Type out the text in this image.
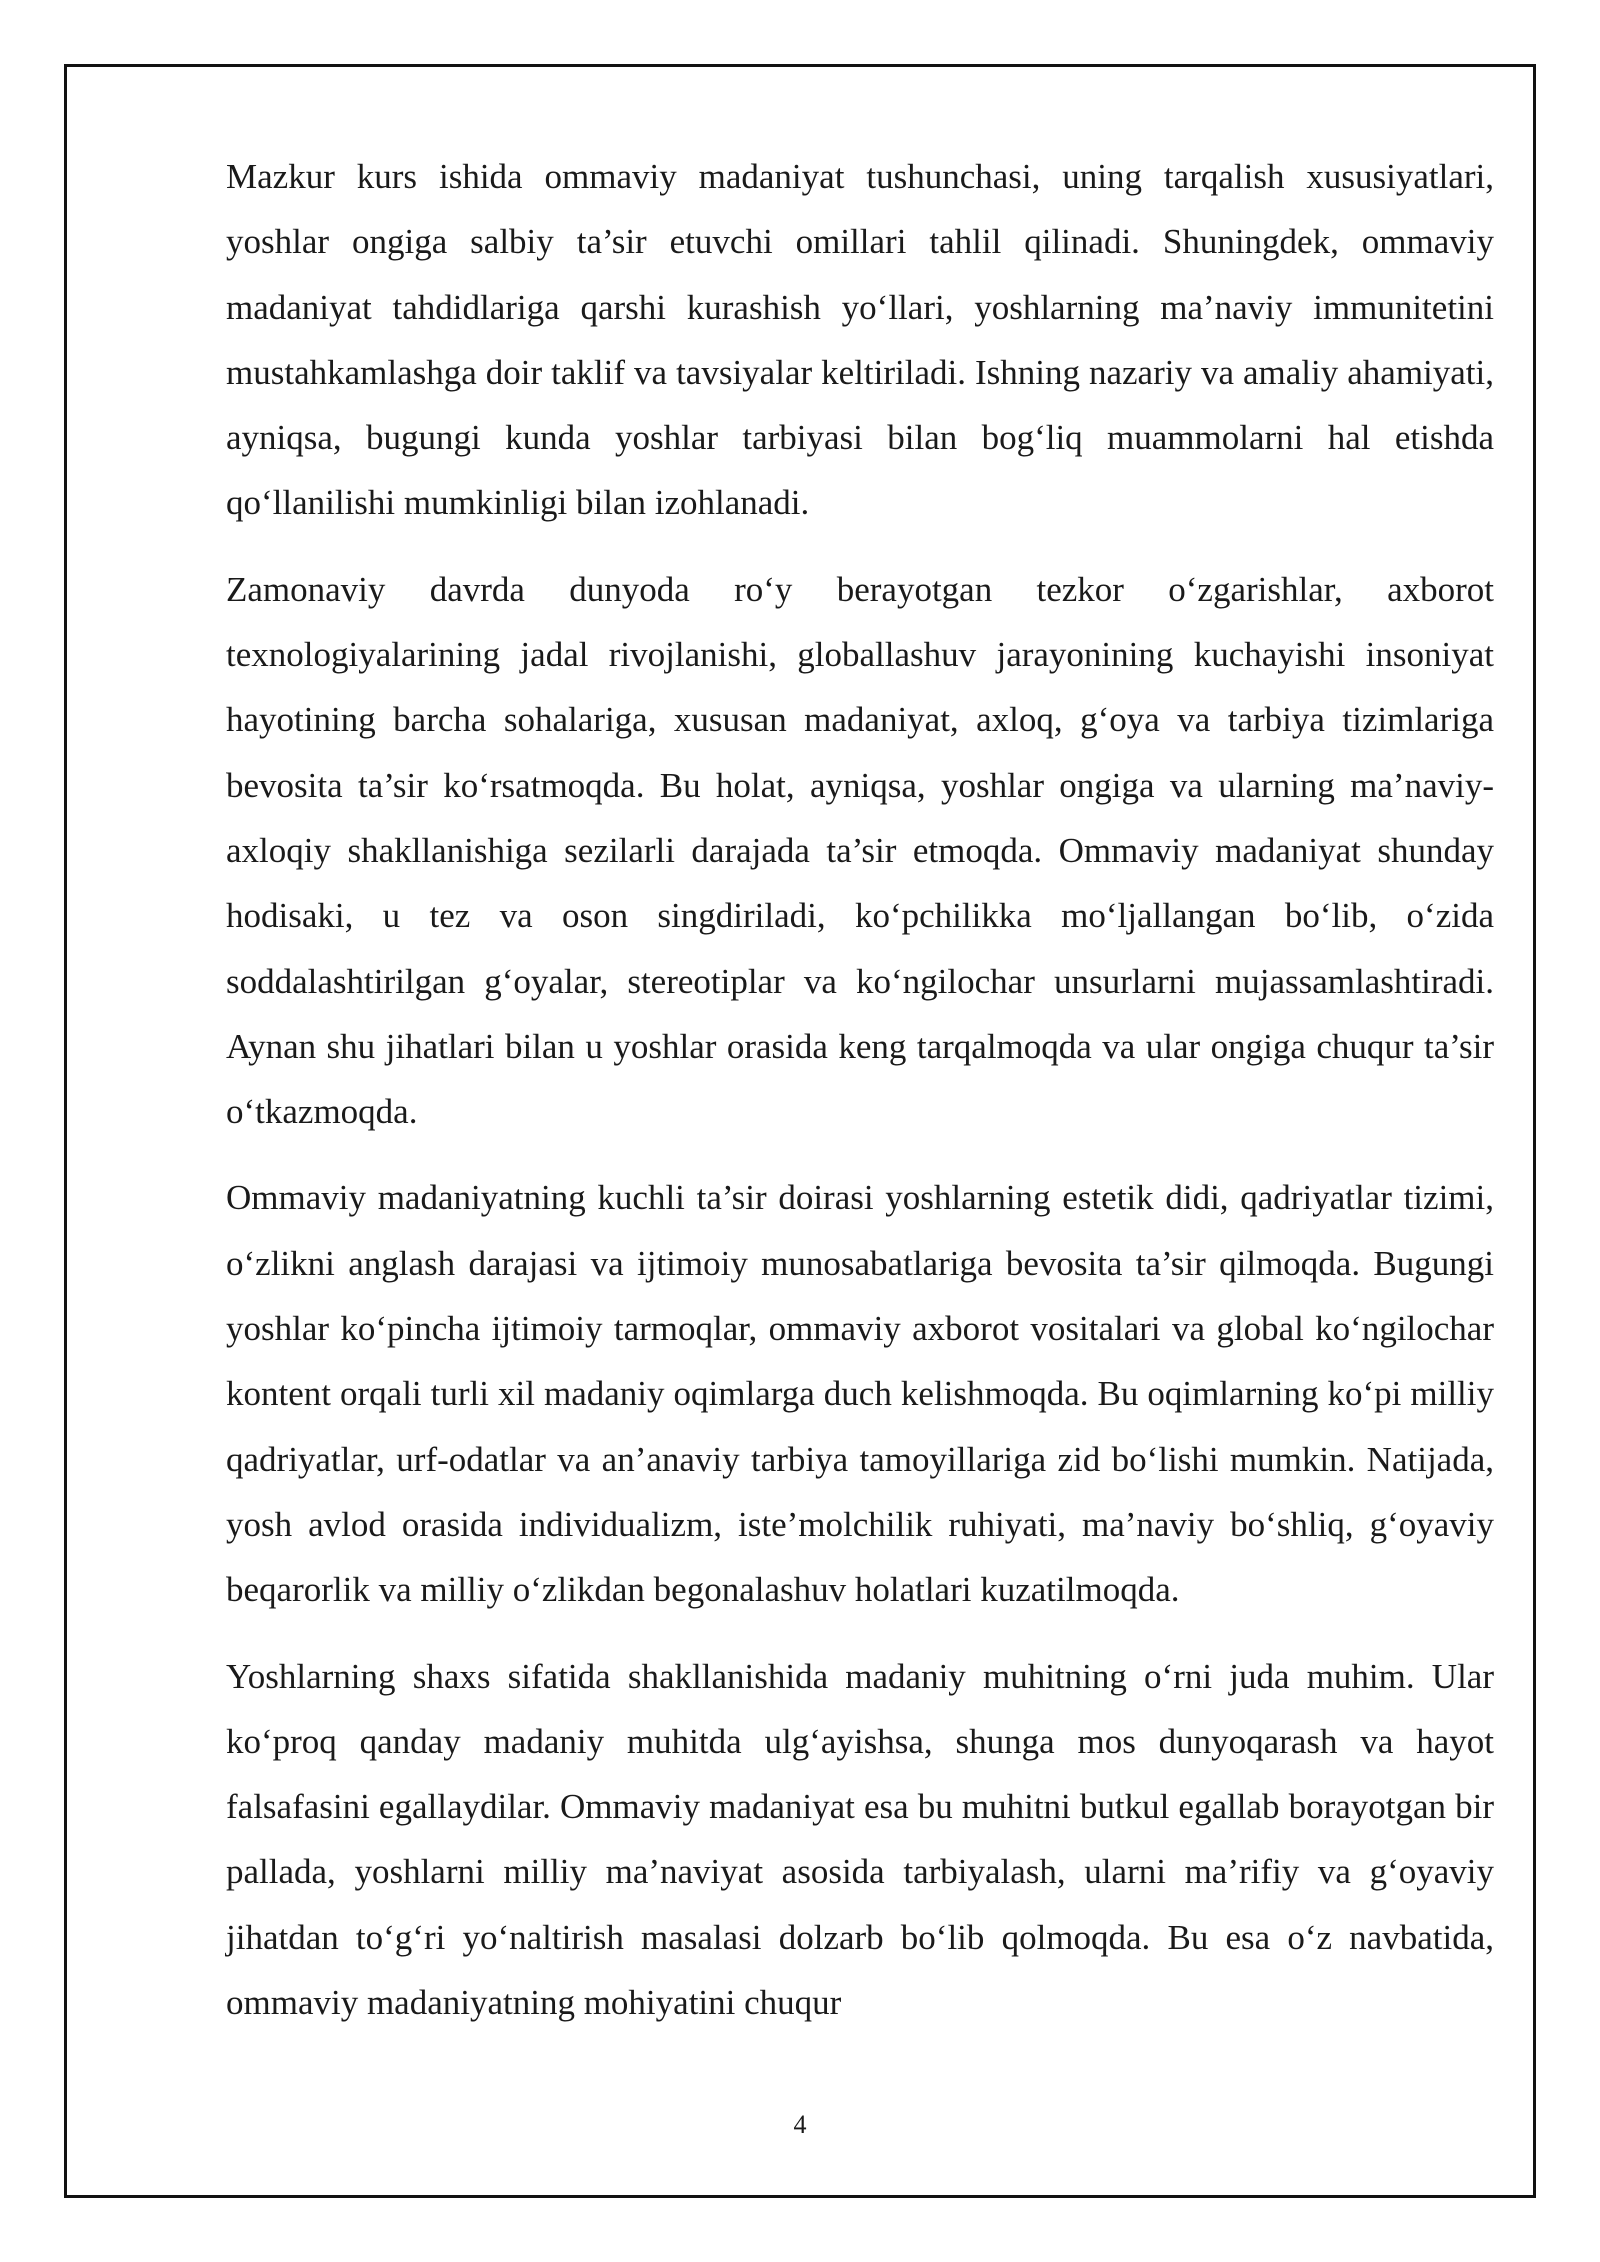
Mazkur kurs ishida ommaviy madaniyat tushunchasi, uning tarqalish xususiyatlari, yoshlar ongiga salbiy ta’sir etuvchi omillari tahlil qilinadi. Shuningdek, ommaviy madaniyat tahdidlariga qarshi kurashish yo‘llari, yoshlarning ma’naviy immunitetini mustahkamlashga doir taklif va tavsiyalar keltiriladi. Ishning nazariy va amaliy ahamiyati, ayniqsa, bugungi kunda yoshlar tarbiyasi bilan bog‘liq muammolarni hal etishda qo‘llanilishi mumkinligi bilan izohlanadi.

Zamonaviy davrda dunyoda ro‘y berayotgan tezkor o‘zgarishlar, axborot texnologiyalarining jadal rivojlanishi, globallashuv jarayonining kuchayishi insoniyat hayotining barcha sohalariga, xususan madaniyat, axloq, g‘oya va tarbiya tizimlariga bevosita ta’sir ko‘rsatmoqda. Bu holat, ayniqsa, yoshlar ongiga va ularning ma’naviy-axloqiy shakllanishiga sezilarli darajada ta’sir etmoqda. Ommaviy madaniyat shunday hodisaki, u tez va oson singdiriladi, ko‘pchilikka mo‘ljallangan bo‘lib, o‘zida soddalashtirilgan g‘oyalar, stereotiplar va ko‘ngilochar unsurlarni mujassamlashtiradi. Aynan shu jihatlari bilan u yoshlar orasida keng tarqalmoqda va ular ongiga chuqur ta’sir o‘tkazmoqda.

Ommaviy madaniyatning kuchli ta’sir doirasi yoshlarning estetik didi, qadriyatlar tizimi, o‘zlikni anglash darajasi va ijtimoiy munosabatlariga bevosita ta’sir qilmoqda. Bugungi yoshlar ko‘pincha ijtimoiy tarmoqlar, ommaviy axborot vositalari va global ko‘ngilochar kontent orqali turli xil madaniy oqimlarga duch kelishmoqda. Bu oqimlarning ko‘pi milliy qadriyatlar, urf-odatlar va an’anaviy tarbiya tamoyillariga zid bo‘lishi mumkin. Natijada, yosh avlod orasida individualizm, iste’molchilik ruhiyati, ma’naviy bo‘shliq, g‘oyaviy beqarorlik va milliy o‘zlikdan begonalashuv holatlari kuzatilmoqda.

Yoshlarning shaxs sifatida shakllanishida madaniy muhitning o‘rni juda muhim. Ular ko‘proq qanday madaniy muhitda ulg‘ayishsa, shunga mos dunyoqarash va hayot falsafasini egallaydilar. Ommaviy madaniyat esa bu muhitni butkul egallab borayotgan bir pallada, yoshlarni milliy ma’naviyat asosida tarbiyalash, ularni ma’rifiy va g‘oyaviy jihatdan to‘g‘ri yo‘naltirish masalasi dolzarb bo‘lib qolmoqda. Bu esa o‘z navbatida, ommaviy madaniyatning mohiyatini chuqur

4
